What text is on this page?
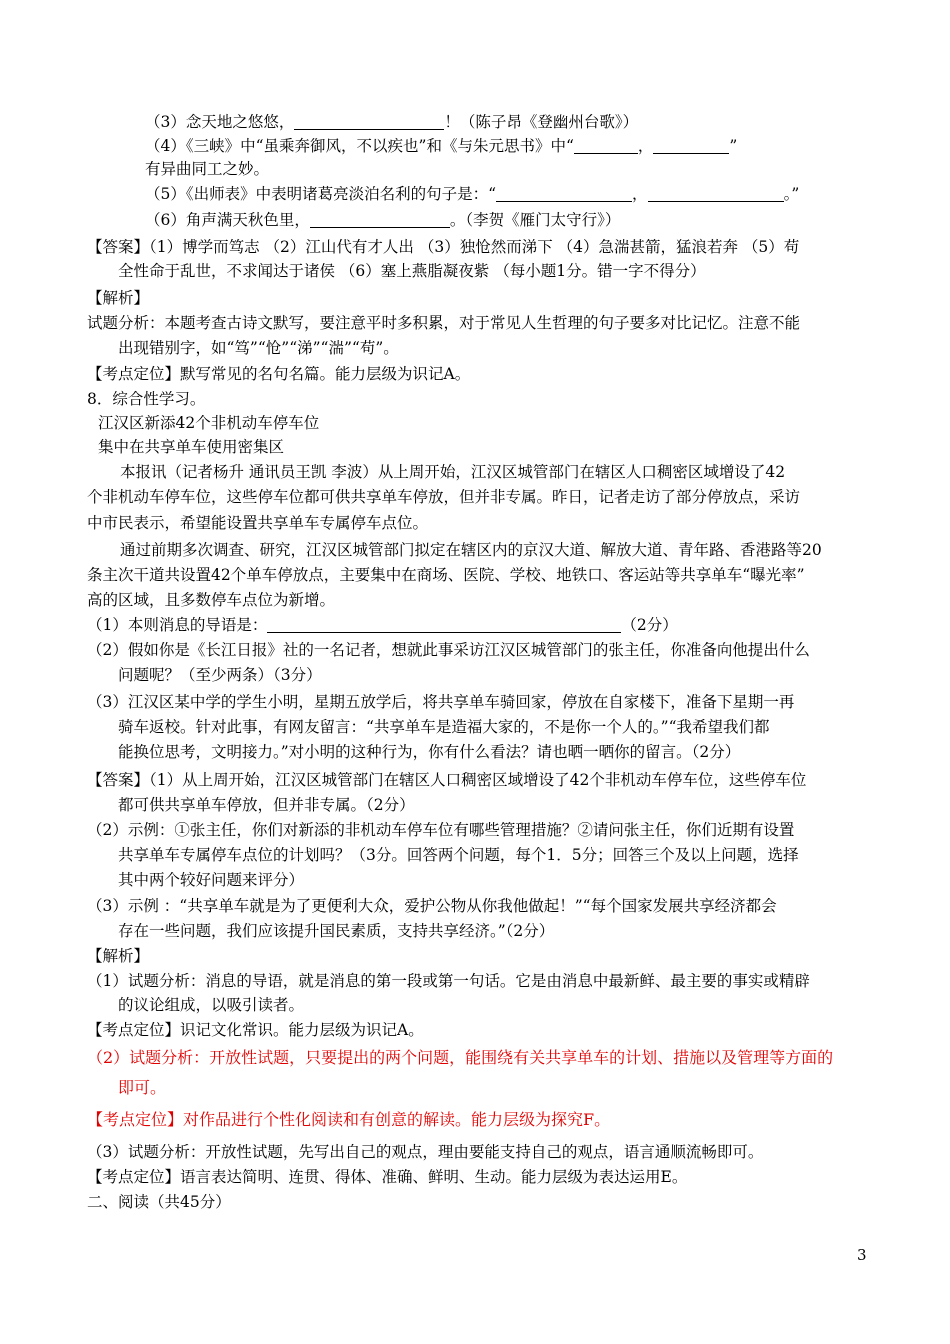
（3）念天地之悠悠，	！（陈子昂《登幽州台歌》）
（4）《三峡》中“虽乘奔御风，不以疾也”和《与朱元思书》中“	，	”
有异曲同工之妙。
（5）《出师表》中表明诸葛亮淡泊名利的句子是：“	，	。”
（6）角声满天秋色里，	。（李贺《雁门太守行》）
【答案】（1）博学而笃志 （2）江山代有才人出 （3）独怆然而涕下 （4）急湍甚箭，猛浪若奔 （5）苟
全性命于乱世，不求闻达于诸侯 （6）塞上燕脂凝夜紫 （每小题1分。错一字不得分）
【解析】
试题分析：本题考查古诗文默写，要注意平时多积累，对于常见人生哲理的句子要多对比记忆。注意不能
出现错别字，如“笃”“怆”“涕”“湍”“苟”。
【考点定位】默写常见的名句名篇。能力层级为识记A。
8．综合性学习。
江汉区新添42个非机动车停车位
集中在共享单车使用密集区
本报讯（记者杨升 通讯员王凯 李波）从上周开始，江汉区城管部门在辖区人口稠密区域增设了42
个非机动车停车位，这些停车位都可供共享单车停放，但并非专属。昨日，记者走访了部分停放点，采访
中市民表示，希望能设置共享单车专属停车点位。
通过前期多次调查、研究，江汉区城管部门拟定在辖区内的京汉大道、解放大道、青年路、香港路等20
条主次干道共设置42个单车停放点，主要集中在商场、医院、学校、地铁口、客运站等共享单车“曝光率”
高的区域，且多数停车点位为新增。
（1）本则消息的导语是：	（2分）
（2）假如你是《长江日报》社的一名记者，想就此事采访江汉区城管部门的张主任，你准备向他提出什么
问题呢？（至少两条）（3分）
（3）江汉区某中学的学生小明，星期五放学后，将共享单车骑回家，停放在自家楼下，准备下星期一再
骑车返校。针对此事，有网友留言：“共享单车是造福大家的，不是你一个人的。”“我希望我们都
能换位思考，文明接力。”对小明的这种行为，你有什么看法？请也晒一晒你的留言。（2分）
【答案】（1）从上周开始，江汉区城管部门在辖区人口稠密区域增设了42个非机动车停车位，这些停车位
都可供共享单车停放，但并非专属。（2分）
（2）示例：①张主任，你们对新添的非机动车停车位有哪些管理措施？②请问张主任，你们近期有设置
共享单车专属停车点位的计划吗？（3分。回答两个问题，每个1．5分；回答三个及以上问题，选择
其中两个较好问题来评分）
（3）示例 ：“共享单车就是为了更便利大众，爱护公物从你我他做起！”“每个国家发展共享经济都会
存在一些问题，我们应该提升国民素质，支持共享经济。”（2分）
【解析】
（1）试题分析：消息的导语，就是消息的第一段或第一句话。它是由消息中最新鲜、最主要的事实或精辟
的议论组成，以吸引读者。
【考点定位】识记文化常识。能力层级为识记A。
（2）试题分析：开放性试题，只要提出的两个问题，能围绕有关共享单车的计划、措施以及管理等方面的
即可。
【考点定位】对作品进行个性化阅读和有创意的解读。能力层级为探究F。
（3）试题分析：开放性试题，先写出自己的观点，理由要能支持自己的观点，语言通顺流畅即可。
【考点定位】语言表达简明、连贯、得体、准确、鲜明、生动。能力层级为表达运用E。
二、阅读（共45分）
3
